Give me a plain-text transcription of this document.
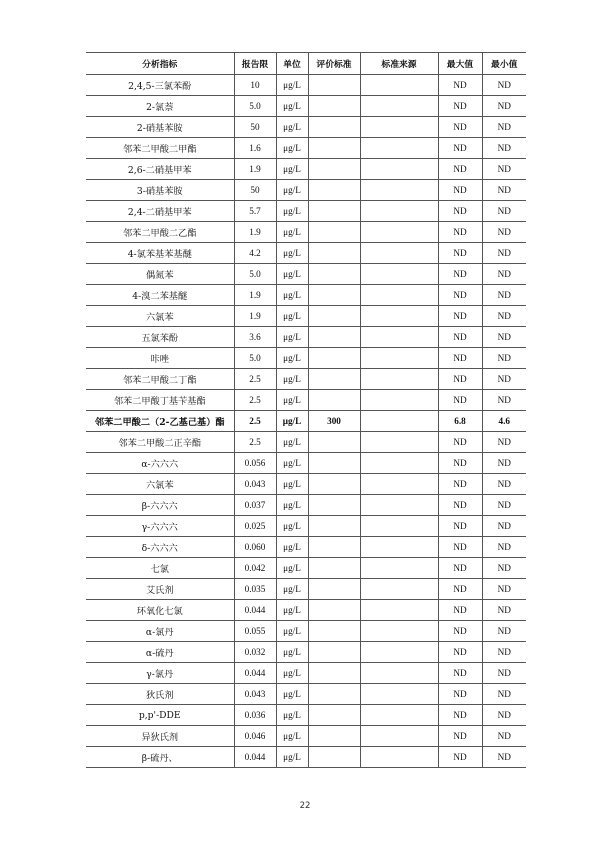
分析指标	报告限	单位	评价标准	标准来源	最大值	最小值
2,4,5-三氯苯酚	10	μg/L			ND	ND
2-氯萘	5.0	μg/L			ND	ND
2-硝基苯胺	50	μg/L			ND	ND
邻苯二甲酸二甲酯	1.6	μg/L			ND	ND
2,6-二硝基甲苯	1.9	μg/L			ND	ND
3-硝基苯胺	50	μg/L			ND	ND
2,4-二硝基甲苯	5.7	μg/L			ND	ND
邻苯二甲酸二乙酯	1.9	μg/L			ND	ND
4-氯苯基苯基醚	4.2	μg/L			ND	ND
偶氮苯	5.0	μg/L			ND	ND
4-溴二苯基醚	1.9	μg/L			ND	ND
六氯苯	1.9	μg/L			ND	ND
五氯苯酚	3.6	μg/L			ND	ND
咔唑	5.0	μg/L			ND	ND
邻苯二甲酸二丁酯	2.5	μg/L			ND	ND
邻苯二甲酸丁基苄基酯	2.5	μg/L			ND	ND
邻苯二甲酸二（2-乙基己基）酯	2.5	μg/L	300		6.8	4.6
邻苯二甲酸二正辛酯	2.5	μg/L			ND	ND
α-六六六	0.056	μg/L			ND	ND
六氯苯	0.043	μg/L			ND	ND
β-六六六	0.037	μg/L			ND	ND
γ-六六六	0.025	μg/L			ND	ND
δ-六六六	0.060	μg/L			ND	ND
七氯	0.042	μg/L			ND	ND
艾氏剂	0.035	μg/L			ND	ND
环氧化七氯	0.044	μg/L			ND	ND
α-氯丹	0.055	μg/L			ND	ND
α-硫丹	0.032	μg/L			ND	ND
γ-氯丹	0.044	μg/L			ND	ND
狄氏剂	0.043	μg/L			ND	ND
p,p'-DDE	0.036	μg/L			ND	ND
异狄氏剂	0.046	μg/L			ND	ND
β-硫丹、	0.044	μg/L			ND	ND
22
